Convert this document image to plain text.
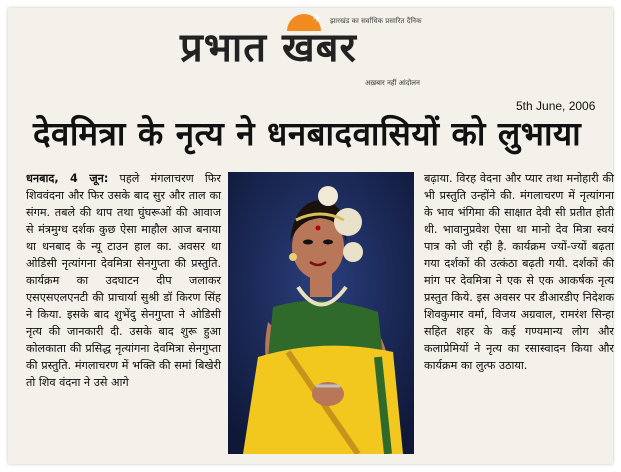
✈ झारखंड का सर्वाधिक प्रसारित दैनिक
प्रभात खबर
अख़बार नहीं आंदोलन
5th June, 2006
देवमित्रा के नृत्य ने धनबादवासियों को लुभाया
धनबाद, 4 जून: पहले मंगलाचरण फिर शिववंदना और फिर उसके बाद सुर और ताल का संगम. तबले की थाप तथा घुंघरूओं की आवाज से मंत्रमुग्ध दर्शक कुछ ऐसा माहौल आज बनाया था धनबाद के न्यू टाउन हाल का. अवसर था ओडिसी नृत्यांगना देवमित्रा सेनगुप्ता की प्रस्तुति. कार्यक्रम का उदघाटन दीप जलाकर एसएसएलएनटी की प्राचार्या सुश्री डॉ किरण सिंह ने किया. इसके बाद शुभेंदु सेनगुप्ता ने ओडिसी नृत्य की जानकारी दी. उसके बाद शुरू हुआ कोलकाता की प्रसिद्ध नृत्यांगना देवमित्रा सेनगुप्ता की प्रस्तुति. मंगलाचरण में भक्ति की समां बिखेरी तो शिव वंदना ने उसे आगे
बढ़ाया. विरह वेदना और प्यार तथा मनोहारी की भी प्रस्तुति उन्होंने की. मंगलाचरण में नृत्यांगना के भाव भंगिमा की साक्षात देवी सी प्रतीत होती थी. भावानुप्रवेश ऐसा था मानो देव मित्रा स्वयं पात्र को जी रही है. कार्यक्रम ज्यों-ज्यों बढ़ता गया दर्शकों की उत्कंठा बढ़ती गयी. दर्शकों की मांग पर देवमित्रा ने एक से एक आकर्षक नृत्य प्रस्तुत किये. इस अवसर पर डीआरडीए निदेशक शिवकुमार वर्मा, विजय अग्रवाल, रामरंश सिन्हा सहित शहर के कई गण्यमान्य लोग और कलाप्रेमियों ने नृत्य का रसास्वादन किया और कार्यक्रम का लुत्फ उठाया.
